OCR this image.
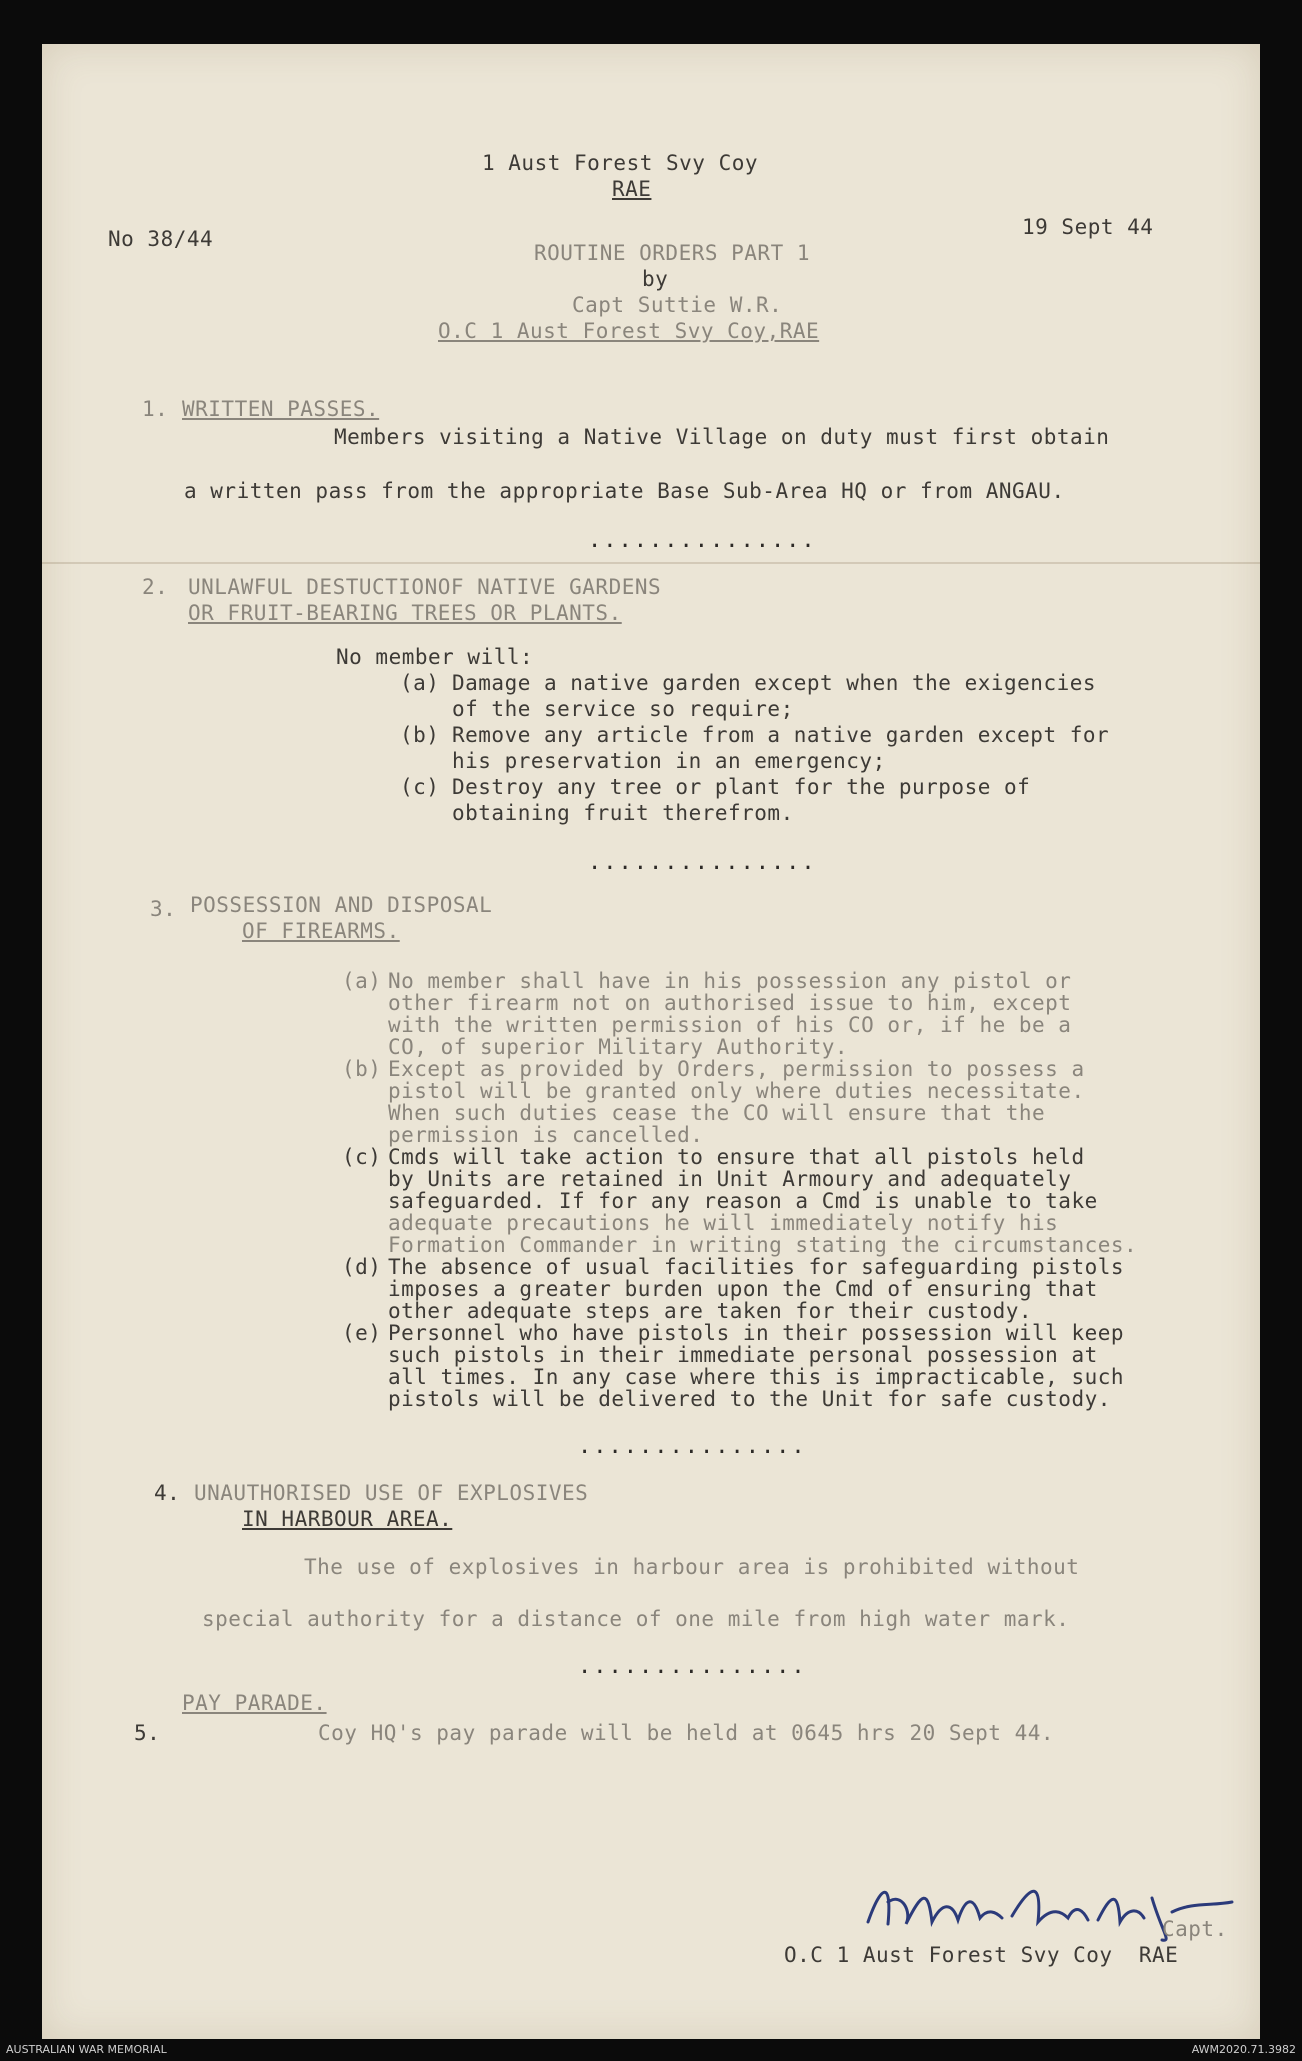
1 Aust Forest Svy Coy
RAE
No 38/44	19 Sept 44
ROUTINE ORDERS PART 1
by
Capt Suttie W.R.
O.C 1 Aust Forest Svy Coy,RAE
1. WRITTEN PASSES.
Members visiting a Native Village on duty must first obtain
a written pass from the appropriate Base Sub-Area HQ or from ANGAU.
...............
2. UNLAWFUL DESTUCTIONOF NATIVE GARDENS
OR FRUIT-BEARING TREES OR PLANTS.
No member will:
(a) Damage a native garden except when the exigencies
of the service so require;
(b) Remove any article from a native garden except for
his preservation in an emergency;
(c) Destroy any tree or plant for the purpose of
obtaining fruit therefrom.
...............
3. POSSESSION AND DISPOSAL
OF FIREARMS.
(a) No member shall have in his possession any pistol or
other firearm not on authorised issue to him, except
with the written permission of his CO or, if he be a
CO, of superior Military Authority.
(b) Except as provided by Orders, permission to possess a
pistol will be granted only where duties necessitate.
When such duties cease the CO will ensure that the
permission is cancelled.
(c) Cmds will take action to ensure that all pistols held
by Units are retained in Unit Armoury and adequately
safeguarded. If for any reason a Cmd is unable to take
adequate precautions he will immediately notify his
Formation Commander in writing stating the circumstances.
(d) The absence of usual facilities for safeguarding pistols
imposes a greater burden upon the Cmd of ensuring that
other adequate steps are taken for their custody.
(e) Personnel who have pistols in their possession will keep
such pistols in their immediate personal possession at
all times. In any case where this is impracticable, such
pistols will be delivered to the Unit for safe custody.
...............
4. UNAUTHORISED USE OF EXPLOSIVES
IN HARBOUR AREA.
The use of explosives in harbour area is prohibited without
special authority for a distance of one mile from high water mark.
...............
PAY PARADE.
5.	Coy HQ's pay parade will be held at 0645 hrs 20 Sept 44.
R Whake Lieut for	Capt.
O.C 1 Aust Forest Svy Coy  RAE
AUSTRALIAN WAR MEMORIAL	AWM2020.71.3982
